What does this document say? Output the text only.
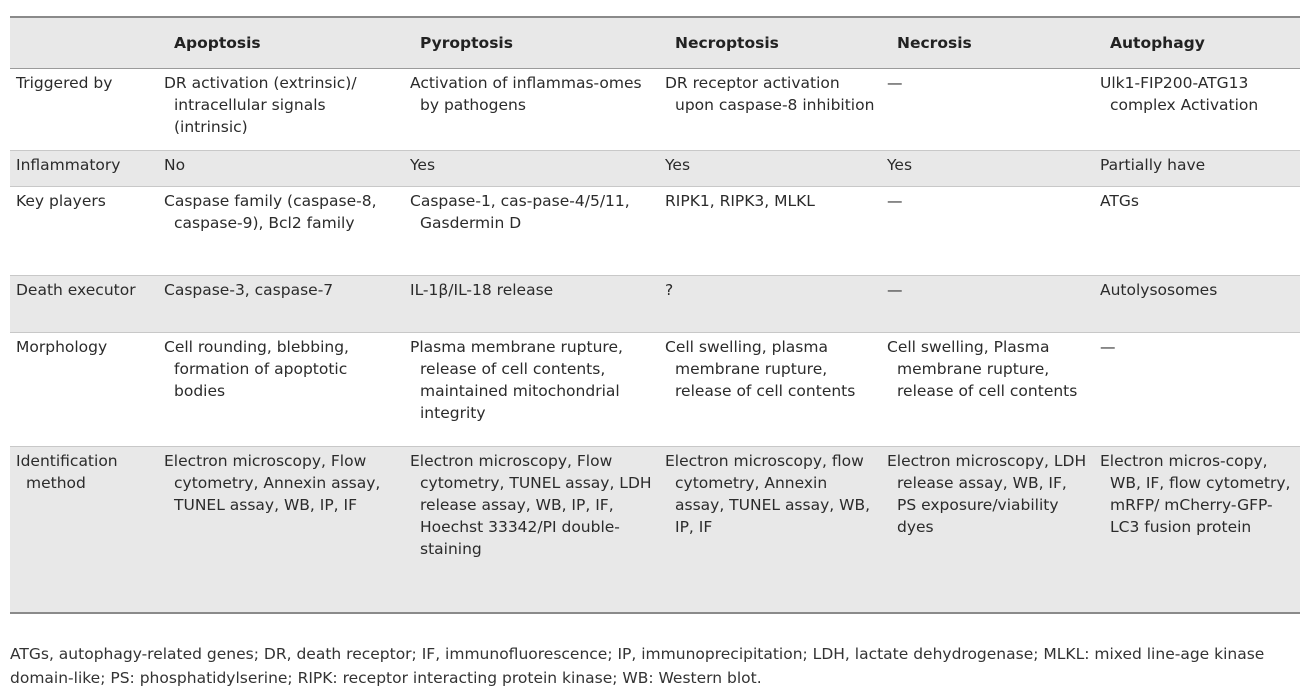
	Apoptosis	Pyroptosis	Necroptosis	Necrosis	Autophagy
Triggered by	DR activation (extrinsic)/ intracellular signals (intrinsic)	Activation of inflammas-omes by pathogens	DR receptor activation upon caspase-8 inhibition	—	Ulk1-FIP200-ATG13 complex Activation
Inflammatory	No	Yes	Yes	Yes	Partially have
Key players	Caspase family (caspase-8, caspase-9), Bcl2 family	Caspase-1, cas-pase-4/5/11, Gasdermin D	RIPK1, RIPK3, MLKL	—	ATGs
Death executor	Caspase-3, caspase-7	IL-1β/IL-18 release	?	—	Autolysosomes
Morphology	Cell rounding, blebbing, formation of apoptotic bodies	Plasma membrane rupture, release of cell contents, maintained mitochondrial integrity	Cell swelling, plasma membrane rupture, release of cell contents	Cell swelling, Plasma membrane rupture, release of cell contents	—
Identification method	Electron microscopy, Flow cytometry, Annexin assay, TUNEL assay, WB, IP, IF	Electron microscopy, Flow cytometry, TUNEL assay, LDH release assay, WB, IP, IF, Hoechst 33342/PI double-staining	Electron microscopy, flow cytometry, Annexin assay, TUNEL assay, WB, IP, IF	Electron microscopy, LDH release assay, WB, IF, PS exposure/viability dyes	Electron micros-copy, WB, IF, flow cytometry, mRFP/ mCherry-GFP-LC3 fusion protein
ATGs, autophagy-related genes; DR, death receptor; IF, immunofluorescence; IP, immunoprecipitation; LDH, lactate dehydrogenase; MLKL: mixed line-age kinase domain-like; PS: phosphatidylserine; RIPK: receptor interacting protein kinase; WB: Western blot.
